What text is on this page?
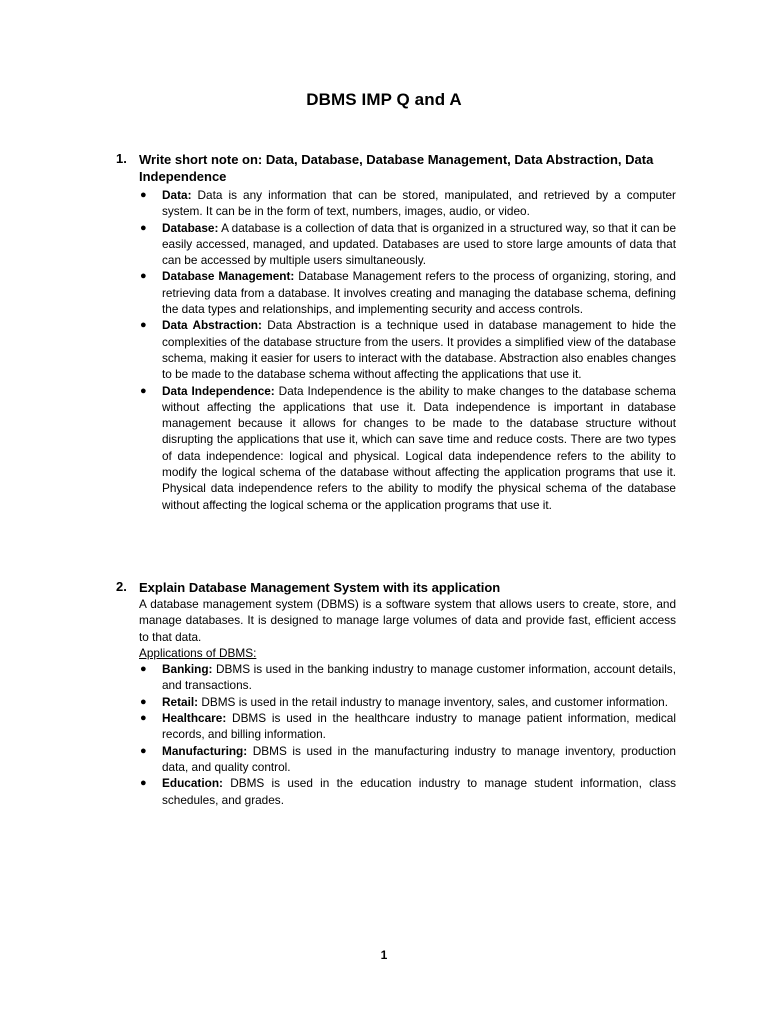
DBMS IMP Q and A
1. Write short note on: Data, Database, Database Management, Data Abstraction, Data Independence
● Data: Data is any information that can be stored, manipulated, and retrieved by a computer system. It can be in the form of text, numbers, images, audio, or video.
● Database: A database is a collection of data that is organized in a structured way, so that it can be easily accessed, managed, and updated. Databases are used to store large amounts of data that can be accessed by multiple users simultaneously.
● Database Management: Database Management refers to the process of organizing, storing, and retrieving data from a database. It involves creating and managing the database schema, defining the data types and relationships, and implementing security and access controls.
● Data Abstraction: Data Abstraction is a technique used in database management to hide the complexities of the database structure from the users. It provides a simplified view of the database schema, making it easier for users to interact with the database. Abstraction also enables changes to be made to the database schema without affecting the applications that use it.
● Data Independence: Data Independence is the ability to make changes to the database schema without affecting the applications that use it. Data independence is important in database management because it allows for changes to be made to the database structure without disrupting the applications that use it, which can save time and reduce costs. There are two types of data independence: logical and physical. Logical data independence refers to the ability to modify the logical schema of the database without affecting the application programs that use it. Physical data independence refers to the ability to modify the physical schema of the database without affecting the logical schema or the application programs that use it.
2. Explain Database Management System with its application
A database management system (DBMS) is a software system that allows users to create, store, and manage databases. It is designed to manage large volumes of data and provide fast, efficient access to that data.
Applications of DBMS:
● Banking: DBMS is used in the banking industry to manage customer information, account details, and transactions.
● Retail: DBMS is used in the retail industry to manage inventory, sales, and customer information.
● Healthcare: DBMS is used in the healthcare industry to manage patient information, medical records, and billing information.
● Manufacturing: DBMS is used in the manufacturing industry to manage inventory, production data, and quality control.
● Education: DBMS is used in the education industry to manage student information, class schedules, and grades.
1
